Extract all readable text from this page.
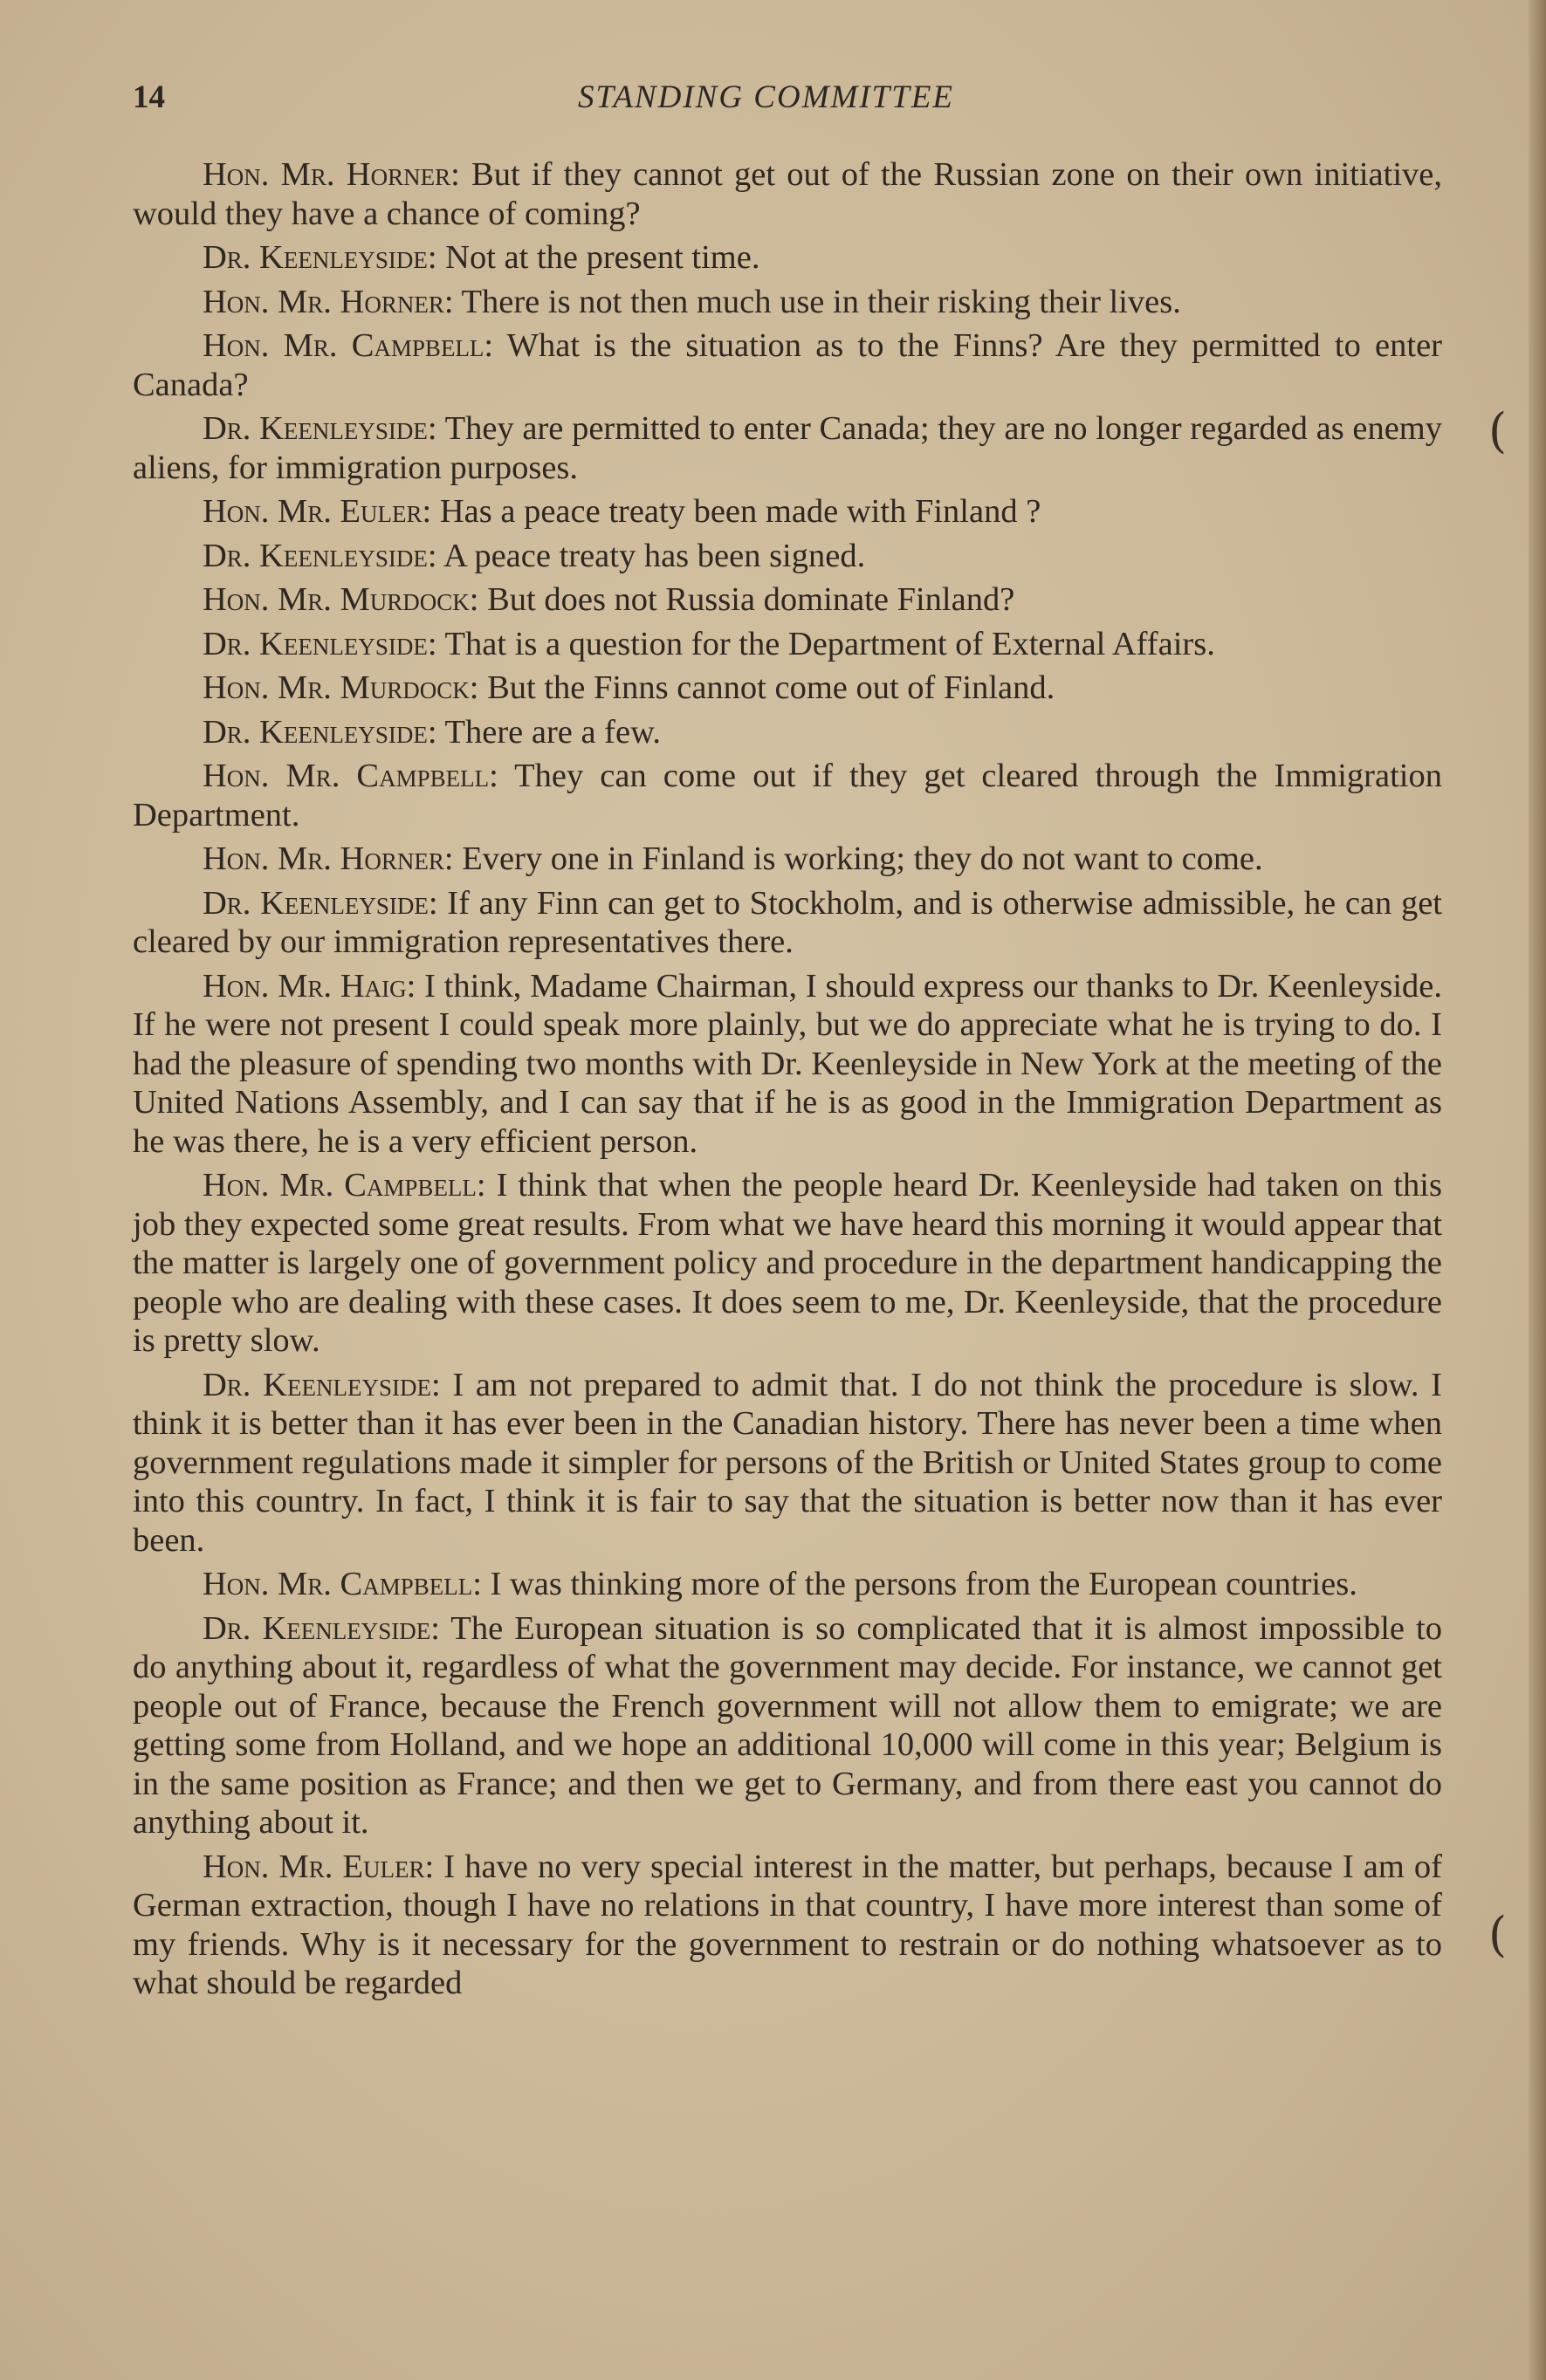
14	STANDING COMMITTEE
(
(

Hon. Mr. Horner: But if they cannot get out of the Russian zone on their own initiative, would they have a chance of coming?

Dr. Keenleyside: Not at the present time.

Hon. Mr. Horner: There is not then much use in their risking their lives.

Hon. Mr. Campbell: What is the situation as to the Finns? Are they permitted to enter Canada?

Dr. Keenleyside: They are permitted to enter Canada; they are no longer regarded as enemy aliens, for immigration purposes.

Hon. Mr. Euler: Has a peace treaty been made with Finland ?

Dr. Keenleyside: A peace treaty has been signed.

Hon. Mr. Murdock: But does not Russia dominate Finland?

Dr. Keenleyside: That is a question for the Department of External Affairs.

Hon. Mr. Murdock: But the Finns cannot come out of Finland.

Dr. Keenleyside: There are a few.

Hon. Mr. Campbell: They can come out if they get cleared through the Immigration Department.

Hon. Mr. Horner: Every one in Finland is working; they do not want to come.

Dr. Keenleyside: If any Finn can get to Stockholm, and is otherwise admissible, he can get cleared by our immigration representatives there.

Hon. Mr. Haig: I think, Madame Chairman, I should express our thanks to Dr. Keenleyside. If he were not present I could speak more plainly, but we do appreciate what he is trying to do. I had the pleasure of spending two months with Dr. Keenleyside in New York at the meeting of the United Nations Assembly, and I can say that if he is as good in the Immigration Department as he was there, he is a very efficient person.

Hon. Mr. Campbell: I think that when the people heard Dr. Keenleyside had taken on this job they expected some great results. From what we have heard this morning it would appear that the matter is largely one of government policy and procedure in the department handicapping the people who are dealing with these cases. It does seem to me, Dr. Keenleyside, that the procedure is pretty slow.

Dr. Keenleyside: I am not prepared to admit that. I do not think the procedure is slow. I think it is better than it has ever been in the Canadian history. There has never been a time when government regulations made it simpler for persons of the British or United States group to come into this country. In fact, I think it is fair to say that the situation is better now than it has ever been.

Hon. Mr. Campbell: I was thinking more of the persons from the European countries.

Dr. Keenleyside: The European situation is so complicated that it is almost impossible to do anything about it, regardless of what the government may decide. For instance, we cannot get people out of France, because the French government will not allow them to emigrate; we are getting some from Holland, and we hope an additional 10,000 will come in this year; Belgium is in the same position as France; and then we get to Germany, and from there east you cannot do anything about it.

Hon. Mr. Euler: I have no very special interest in the matter, but perhaps, because I am of German extraction, though I have no relations in that country, I have more interest than some of my friends. Why is it necessary for the government to restrain or do nothing whatsoever as to what should be regarded
